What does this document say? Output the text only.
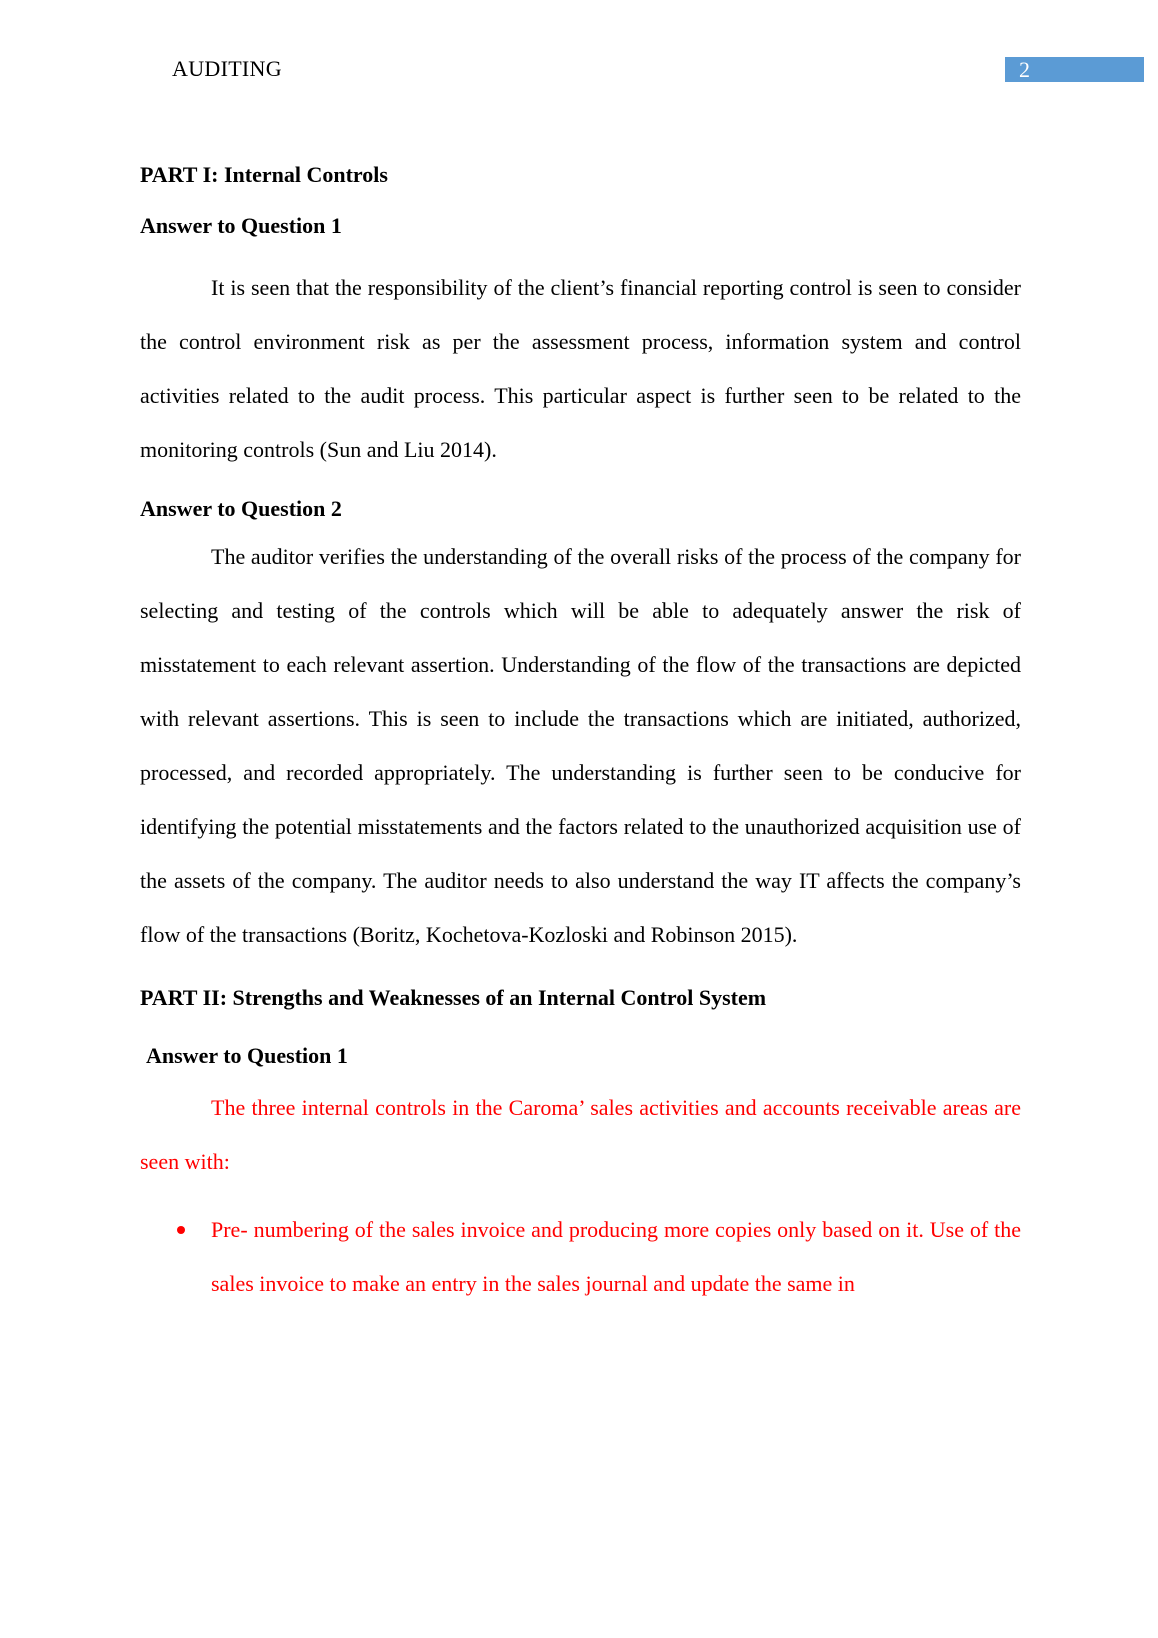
AUDITING	2

PART I: Internal Controls

Answer to Question 1

It is seen that the responsibility of the client’s financial reporting control is seen to consider the control environment risk as per the assessment process, information system and control activities related to the audit process. This particular aspect is further seen to be related to the monitoring controls (Sun and Liu 2014).

Answer to Question 2

The auditor verifies the understanding of the overall risks of the process of the company for selecting and testing of the controls which will be able to adequately answer the risk of misstatement to each relevant assertion. Understanding of the flow of the transactions are depicted with relevant assertions. This is seen to include the transactions which are initiated, authorized, processed, and recorded appropriately. The understanding is further seen to be conducive for identifying the potential misstatements and the factors related to the unauthorized acquisition use of the assets of the company. The auditor needs to also understand the way IT affects the company’s flow of the transactions (Boritz, Kochetova-Kozloski and Robinson 2015).

PART II: Strengths and Weaknesses of an Internal Control System

Answer to Question 1

The three internal controls in the Caroma’ sales activities and accounts receivable areas are seen with:

Pre- numbering of the sales invoice and producing more copies only based on it. Use of the sales invoice to make an entry in the sales journal and update the same in
